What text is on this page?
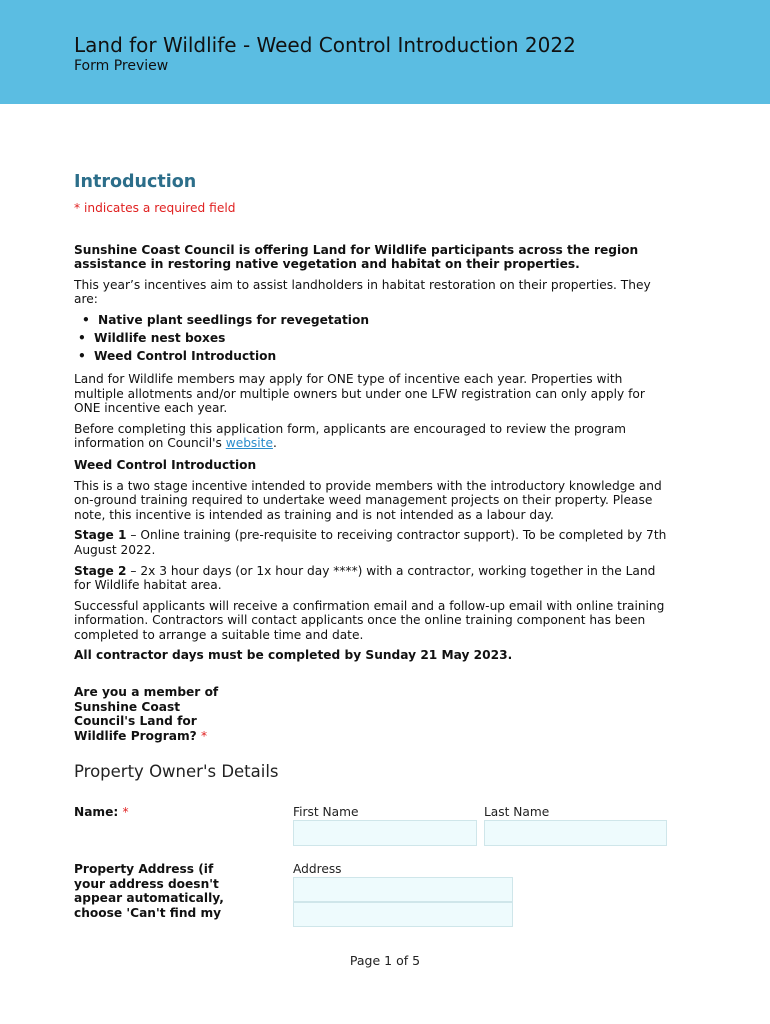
Land for Wildlife - Weed Control Introduction 2022
Form Preview
Introduction
* indicates a required field
Sunshine Coast Council is offering Land for Wildlife participants across the region assistance in restoring native vegetation and habitat on their properties.

This year’s incentives aim to assist landholders in habitat restoration on their properties. They are:

• Native plant seedlings for revegetation
• Wildlife nest boxes
• Weed Control Introduction

Land for Wildlife members may apply for ONE type of incentive each year. Properties with multiple allotments and/or multiple owners but under one LFW registration can only apply for ONE incentive each year.

Before completing this application form, applicants are encouraged to review the program information on Council's website.

Weed Control Introduction

This is a two stage incentive intended to provide members with the introductory knowledge and on-ground training required to undertake weed management projects on their property. Please note, this incentive is intended as training and is not intended as a labour day.

Stage 1 – Online training (pre-requisite to receiving contractor support). To be completed by 7th August 2022.

Stage 2 – 2x 3 hour days (or 1x hour day ****) with a contractor, working together in the Land for Wildlife habitat area.

Successful applicants will receive a confirmation email and a follow-up email with online training information. Contractors will contact applicants once the online training component has been completed to arrange a suitable time and date.

All contractor days must be completed by Sunday 21 May 2023.

Are you a member of Sunshine Coast Council's Land for Wildlife Program? *
Property Owner's Details
Name: *	First Name	Last Name
Property Address (if your address doesn't appear automatically, choose 'Can't find my
Address
Page 1 of 5
